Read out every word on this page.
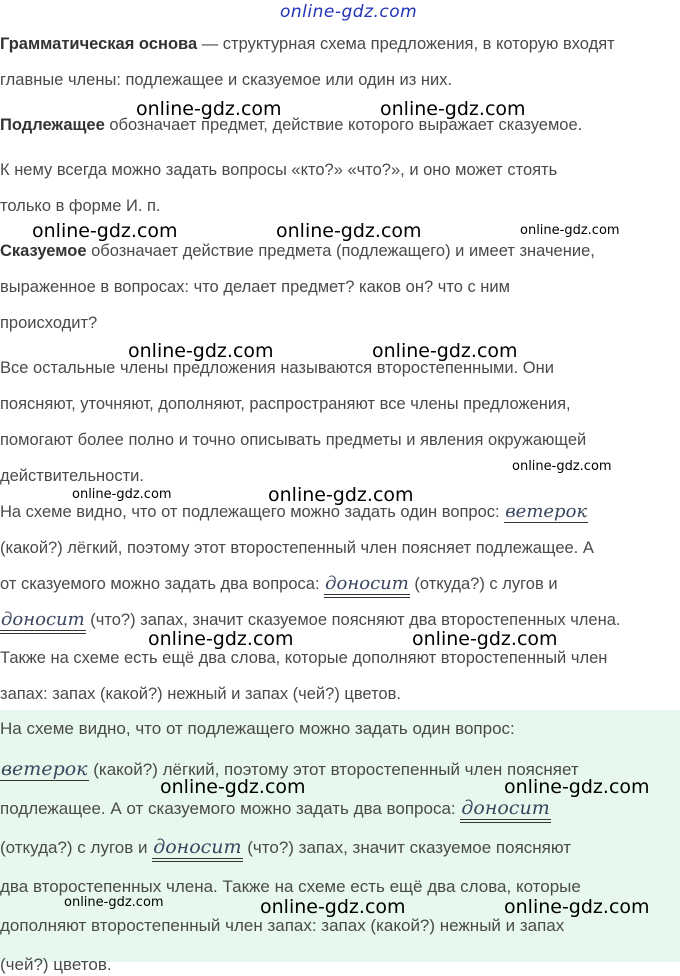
online-gdz.com
Грамматическая основа — структурная схема предложения, в которую входят
главные члены: подлежащее и сказуемое или один из них.
Подлежащее обозначает предмет, действие которого выражает сказуемое.
К нему всегда можно задать вопросы «кто?» «что?», и оно может стоять
только в форме И. п.
Сказуемое обозначает действие предмета (подлежащего) и имеет значение,
выраженное в вопросах: что делает предмет? каков он? что с ним
происходит?
Все остальные члены предложения называются второстепенными. Они
поясняют, уточняют, дополняют, распространяют все члены предложения,
помогают более полно и точно описывать предметы и явления окружающей
действительности.
На схеме видно, что от подлежащего можно задать один вопрос: ветерок
(какой?) лёгкий, поэтому этот второстепенный член поясняет подлежащее. А
от сказуемого можно задать два вопроса: доносит (откуда?) с лугов и
доносит (что?) запах, значит сказуемое поясняют два второстепенных члена.
Также на схеме есть ещё два слова, которые дополняют второстепенный член
запах: запах (какой?) нежный и запах (чей?) цветов.
На схеме видно, что от подлежащего можно задать один вопрос:
ветерок (какой?) лёгкий, поэтому этот второстепенный член поясняет
подлежащее. А от сказуемого можно задать два вопроса: доносит
(откуда?) с лугов и доносит (что?) запах, значит сказуемое поясняют
два второстепенных члена. Также на схеме есть ещё два слова, которые
дополняют второстепенный член запах: запах (какой?) нежный и запах
(чей?) цветов.
online-gdz.com	online-gdz.com
online-gdz.com	online-gdz.com	online-gdz.com
online-gdz.com	online-gdz.com
online-gdz.com
online-gdz.com	online-gdz.com
online-gdz.com	online-gdz.com
online-gdz.com	online-gdz.com
online-gdz.com	online-gdz.com	online-gdz.com
